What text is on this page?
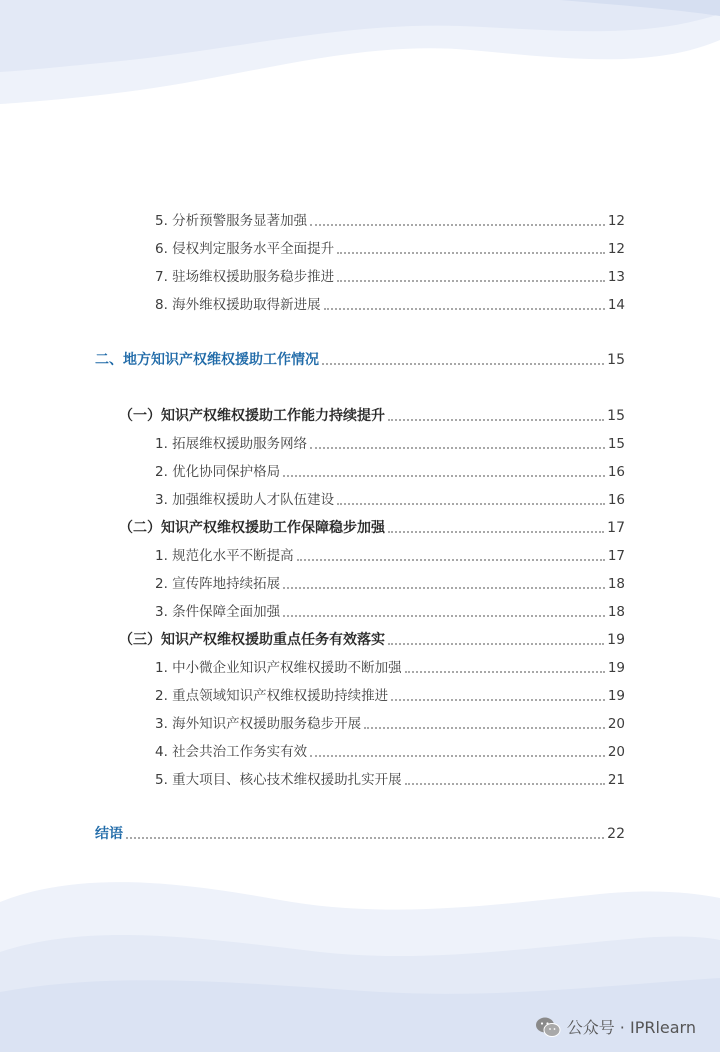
5. 分析预警服务显著加强	12
6. 侵权判定服务水平全面提升	12
7. 驻场维权援助服务稳步推进	13
8. 海外维权援助取得新进展	14
二、地方知识产权维权援助工作情况	15
（一）知识产权维权援助工作能力持续提升	15
1. 拓展维权援助服务网络	15
2. 优化协同保护格局	16
3. 加强维权援助人才队伍建设	16
（二）知识产权维权援助工作保障稳步加强	17
1. 规范化水平不断提高	17
2. 宣传阵地持续拓展	18
3. 条件保障全面加强	18
（三）知识产权维权援助重点任务有效落实	19
1. 中小微企业知识产权维权援助不断加强	19
2. 重点领域知识产权维权援助持续推进	19
3. 海外知识产权援助服务稳步开展	20
4. 社会共治工作务实有效	20
5. 重大项目、核心技术维权援助扎实开展	21
结语	22
公众号 · IPRlearn
